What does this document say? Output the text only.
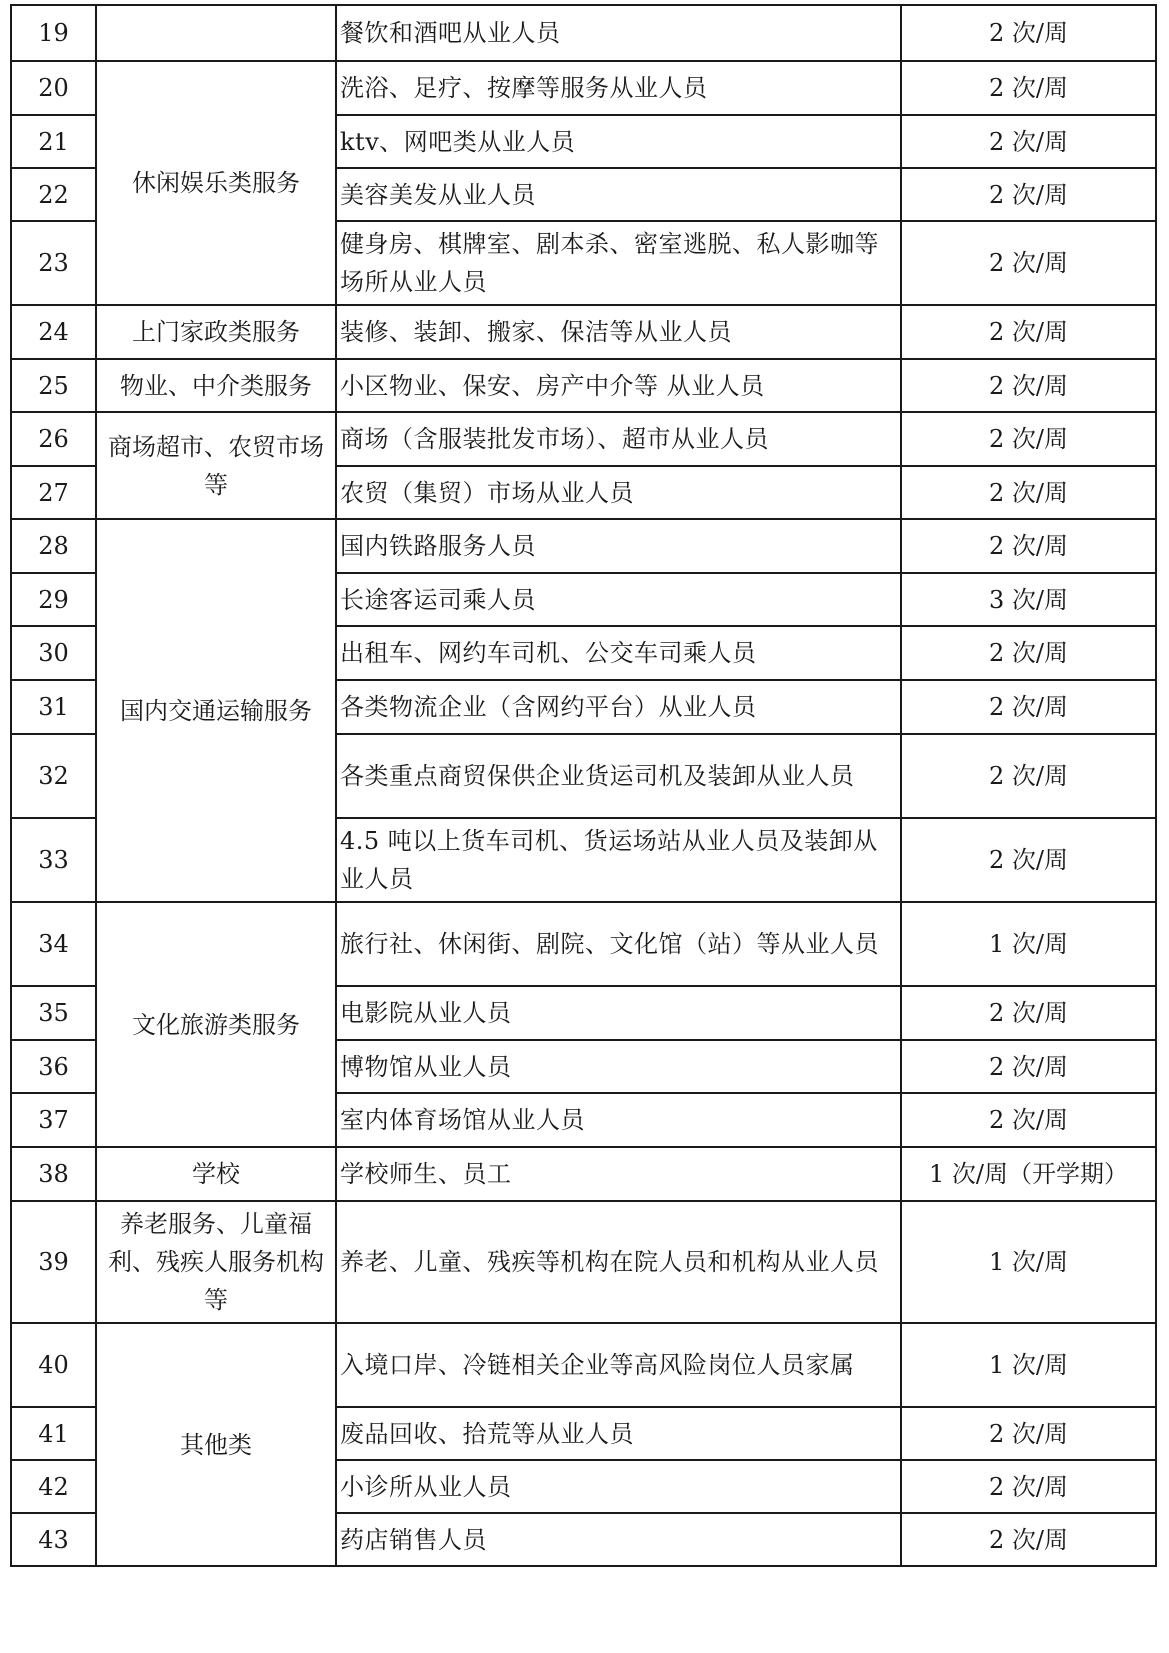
19		餐饮和酒吧从业人员	2 次/周
20	休闲娱乐类服务	洗浴、足疗、按摩等服务从业人员	2 次/周
21		ktv、网吧类从业人员	2 次/周
22		美容美发从业人员	2 次/周
23		健身房、棋牌室、剧本杀、密室逃脱、私人影咖等场所从业人员	2 次/周
24	上门家政类服务	装修、装卸、搬家、保洁等从业人员	2 次/周
25	物业、中介类服务	小区物业、保安、房产中介等 从业人员	2 次/周
26	商场超市、农贸市场等	商场（含服装批发市场）、超市从业人员	2 次/周
27		农贸（集贸）市场从业人员	2 次/周
28	国内交通运输服务	国内铁路服务人员	2 次/周
29		长途客运司乘人员	3 次/周
30		出租车、网约车司机、公交车司乘人员	2 次/周
31		各类物流企业（含网约平台）从业人员	2 次/周
32		各类重点商贸保供企业货运司机及装卸从业人员	2 次/周
33		4.5 吨以上货车司机、货运场站从业人员及装卸从业人员	2 次/周
34	文化旅游类服务	旅行社、休闲街、剧院、文化馆（站）等从业人员	1 次/周
35		电影院从业人员	2 次/周
36		博物馆从业人员	2 次/周
37		室内体育场馆从业人员	2 次/周
38	学校	学校师生、员工	1 次/周（开学期）
39	养老服务、儿童福利、残疾人服务机构等	养老、儿童、残疾等机构在院人员和机构从业人员	1 次/周
40	其他类	入境口岸、冷链相关企业等高风险岗位人员家属	1 次/周
41		废品回收、拾荒等从业人员	2 次/周
42		小诊所从业人员	2 次/周
43		药店销售人员	2 次/周
